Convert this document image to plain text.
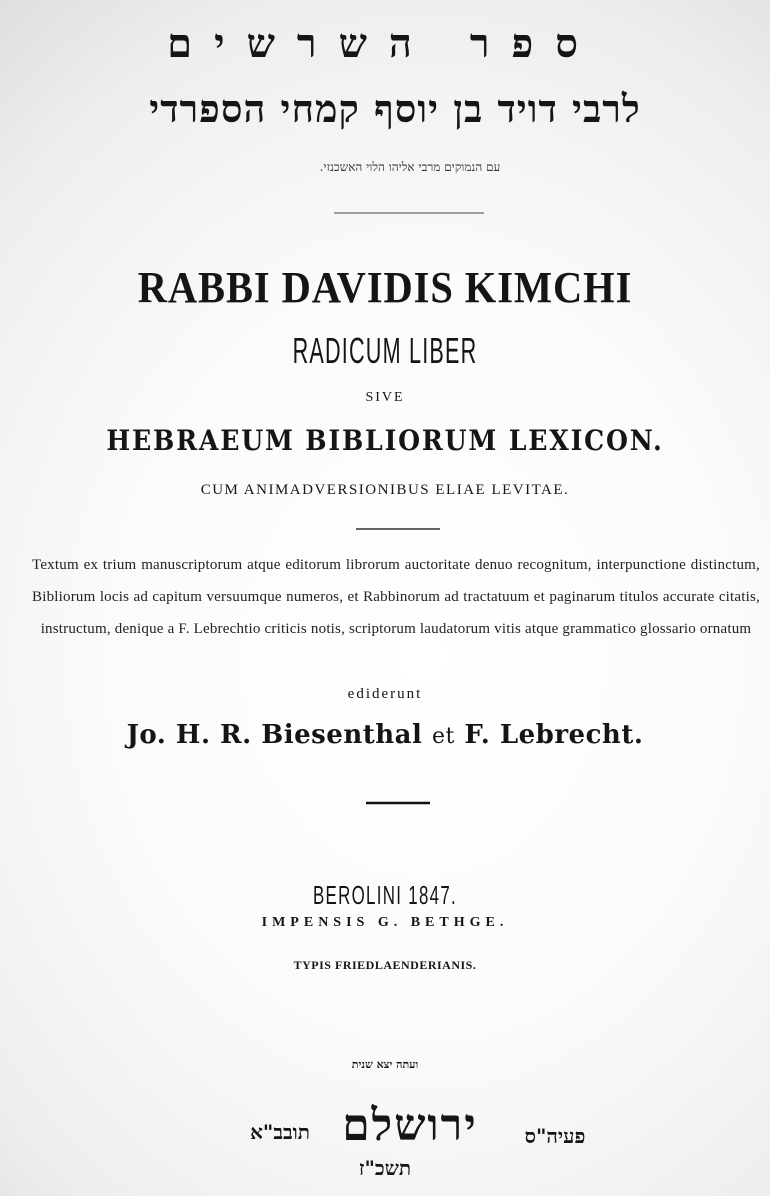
ספר השרשים
לרבי דויד בן יוסף קמחי הספרדי
עם הנמוקים מרבי אליהו הלוי האשכנזי.
RABBI DAVIDIS KIMCHI
RADICUM LIBER
SIVE
HEBRAEUM BIBLIORUM LEXICON.
CUM ANIMADVERSIONIBUS ELIAE LEVITAE.
Textum ex trium manuscriptorum atque editorum librorum auctoritate denuo recognitum, interpunctione distinctum, Bibliorum locis ad capitum versuumque numeros, et Rabbinorum ad tractatuum et paginarum titulos accurate citatis, instructum, denique a F. Lebrechtio criticis notis, scriptorum laudatorum vitis atque grammatico glossario ornatum
ediderunt
Jo. H. R. Biesenthal et F. Lebrecht.
BEROLINI 1847.
IMPENSIS G. BETHGE.
TYPIS FRIEDLAENDERIANIS.
ועתה יצא שנית
פעיה"ס
ירושלם
תובב"א
תשכ"ז
